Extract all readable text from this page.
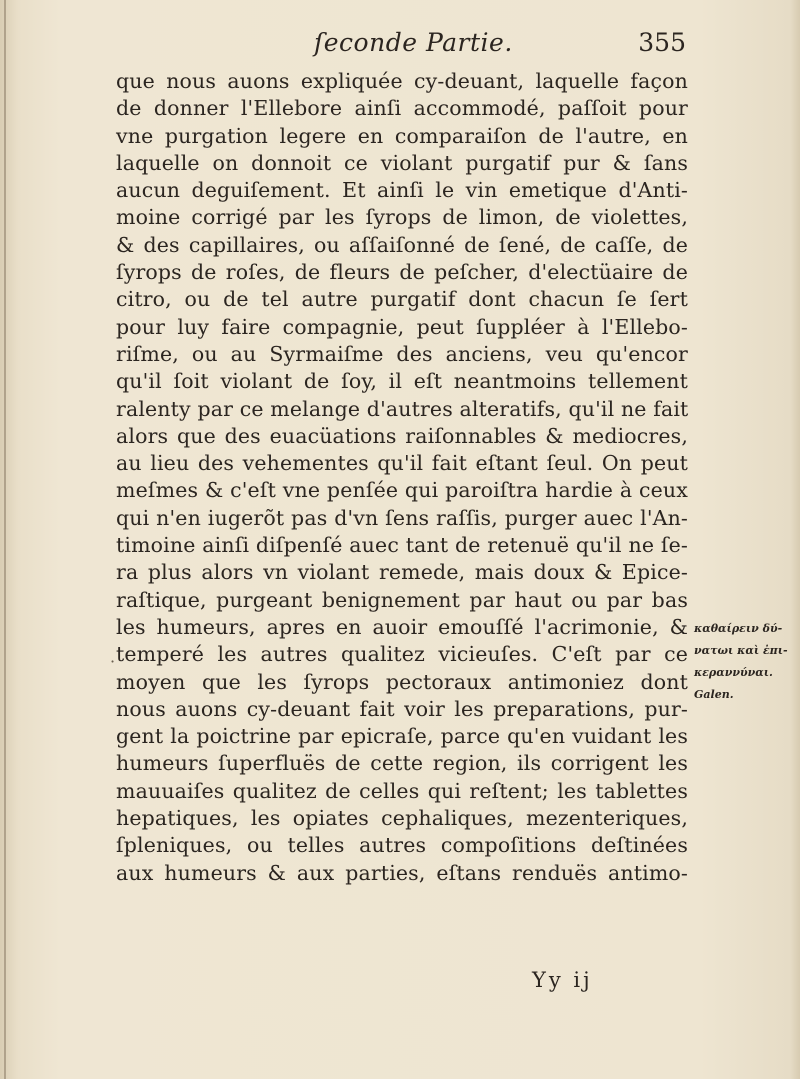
ſeconde Partie.	355
que nous auons expliquée cy-deuant, laquelle façon
de donner l'Ellebore ainſi accommodé, paſſoit pour
vne purgation legere en comparaiſon de l'autre, en
laquelle on donnoit ce violant purgatif pur & ſans
aucun deguiſement. Et ainſi le vin emetique d'Anti-
moine corrigé par les ſyrops de limon, de violettes,
& des capillaires, ou aſſaiſonné de ſené, de caſſe, de
ſyrops de roſes, de fleurs de peſcher, d'electüaire de
citro, ou de tel autre purgatif dont chacun ſe ſert
pour luy faire compagnie, peut ſuppléer à l'Ellebo-
riſme, ou au Syrmaiſme des anciens, veu qu'encor
qu'il ſoit violant de ſoy, il eſt neantmoins tellement
ralenty par ce melange d'autres alteratifs, qu'il ne fait
alors que des euacüations raiſonnables & mediocres,
au lieu des vehementes qu'il fait eſtant ſeul. On peut
meſmes & c'eſt vne penſée qui paroiſtra hardie à ceux
qui n'en iugerõt pas d'vn ſens raſſis, purger auec l'An-
timoine ainſi diſpenſé auec tant de retenuë qu'il ne ſe-
ra plus alors vn violant remede, mais doux & Epice-
raſtique, purgeant benignement par haut ou par bas
les humeurs, apres en auoir emouſſé l'acrimonie, &
temperé les autres qualitez vicieuſes. C'eſt par ce
moyen que les ſyrops pectoraux antimoniez dont
nous auons cy-deuant fait voir les preparations, pur-
gent la poictrine par epicraſe, parce qu'en vuidant les
humeurs ſuperfluës de cette region, ils corrigent les
mauuaiſes qualitez de celles qui reſtent; les tablettes
hepatiques, les opiates cephaliques, mezenteriques,
ſpleniques, ou telles autres compoſitions deſtinées
aux humeurs & aux parties, eſtans renduës antimo-
·
καθαίρειν δύ-
νατωι καὶ ἐπι-
κεραννύναι.
Galen.
Yy ij
